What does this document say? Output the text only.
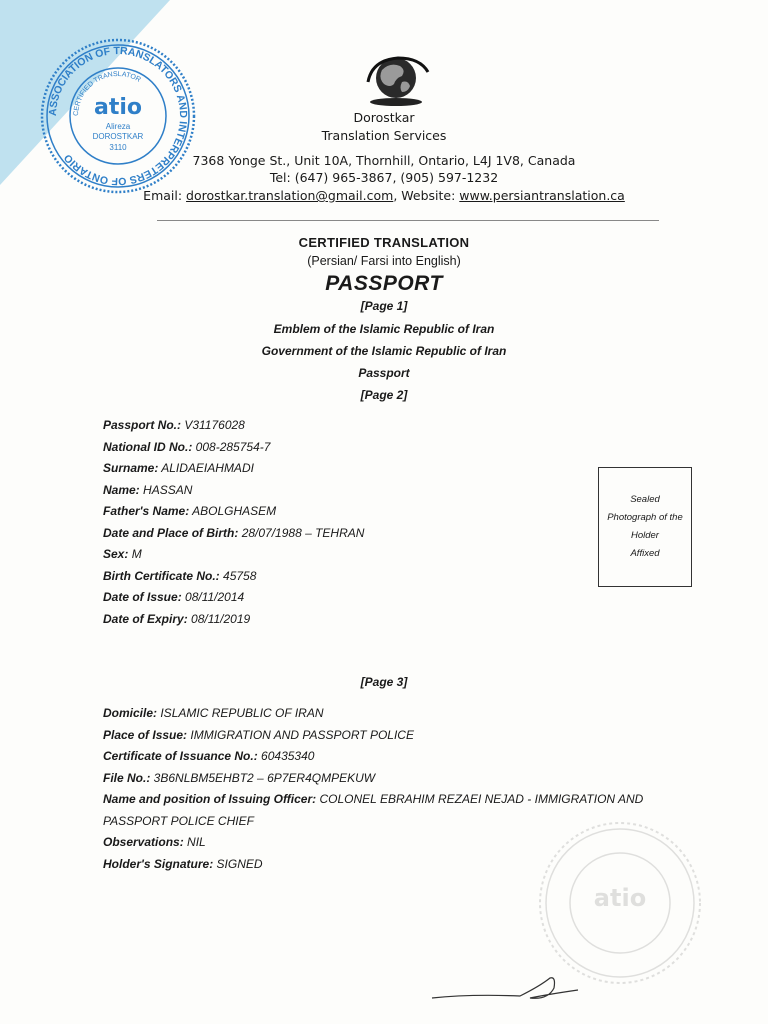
ASSOCIATION OF TRANSLATORS AND INTERPRETERS OF ONTARIO
CERTIFIED TRANSLATOR
atio
Alireza
DOROSTKAR
3110
Dorostkar
Translation Services
7368 Yonge St., Unit 10A, Thornhill, Ontario, L4J 1V8, Canada
Tel: (647) 965-3867, (905) 597-1232
Email: dorostkar.translation@gmail.com, Website: www.persiantranslation.ca
CERTIFIED TRANSLATION
(Persian/ Farsi into English)
PASSPORT
[Page 1]
Emblem of the Islamic Republic of Iran
Government of the Islamic Republic of Iran
Passport
[Page 2]
Passport No.: V31176028
National ID No.: 008-285754-7
Surname: ALIDAEIAHMADI
Name: HASSAN
Father's Name: ABOLGHASEM
Date and Place of Birth: 28/07/1988 – TEHRAN
Sex: M
Birth Certificate No.: 45758
Date of Issue: 08/11/2014
Date of Expiry: 08/11/2019
Sealed
Photograph of the
Holder
Affixed
[Page 3]
Domicile: ISLAMIC REPUBLIC OF IRAN
Place of Issue: IMMIGRATION AND PASSPORT POLICE
Certificate of Issuance No.: 60435340
File No.: 3B6NLBM5EHBT2 – 6P7ER4QMPEKUW
Name and position of Issuing Officer: COLONEL EBRAHIM REZAEI NEJAD - IMMIGRATION AND
PASSPORT POLICE CHIEF
Observations: NIL
Holder's Signature: SIGNED
atio
